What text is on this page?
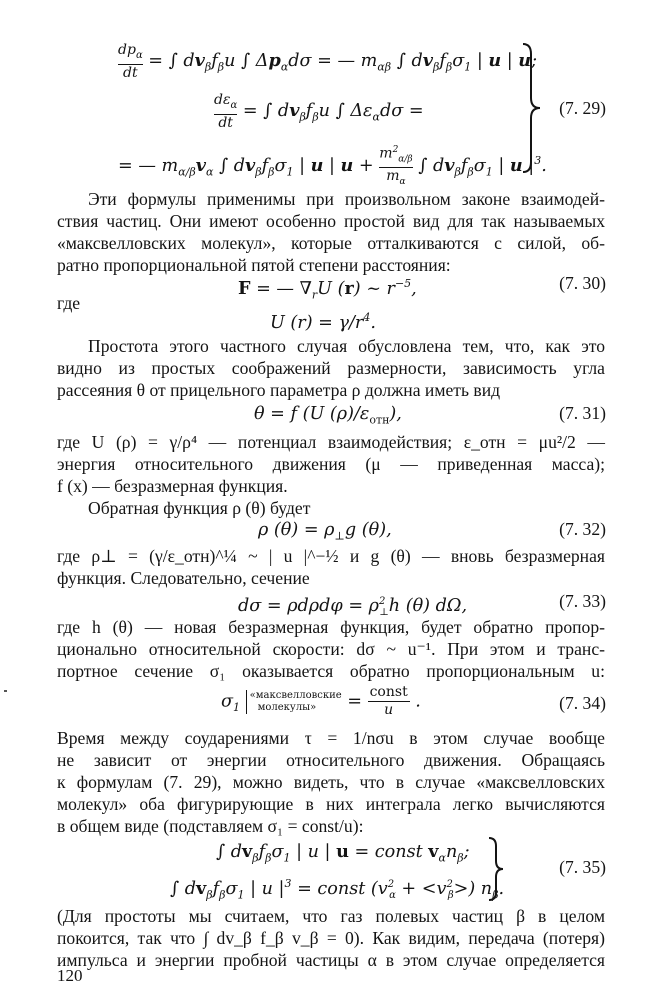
$dp_\alpha$
dt
= ∫ $dv_\beta f_\beta u$ ∫ $\Delta p_\alpha d\sigma$ = — $m_{\alpha\beta}$ ∫ $dv_\beta f_\beta\sigma_1$ | u | u;
$d\varepsilon_\alpha$
dt
= ∫ $dv_\beta f_\beta u$ ∫ $\Delta\varepsilon_\alpha d\sigma$ =
= — $m_{\alpha/\beta}v_\alpha$ ∫ $dv_\beta f_\beta\sigma_1$ | u | $u + \frac{m^2_{\alpha/\beta}}{m_\alpha}$ ∫ $dv_\beta f_\beta\sigma_1$ | u $|^3$.
(7. 29)
Эти формулы применимы при произвольном законе взаимодей-
ствия частиц. Они имеют особенно простой вид для так называемых
«максвелловских молекул», которые отталкиваются с силой, об-
ратно пропорциональной пятой степени расстояния:
F = — $\nabla_rU$ (r) ~ $r^{-5}$,	(7. 30)
где
U $(r) = \gamma/r^4$.
Простота этого частного случая обусловлена тем, что, как это
видно из простых соображений размерности, зависимость угла
рассеяния θ от прицельного параметра ρ должна иметь вид
θ = f (U $(\rho)/\varepsilon_{отн}$),	(7. 31)
где U (ρ) = γ/ρ⁴ — потенциал взаимодействия; ε_отн = μu²/2 —
энергия относительного движения (μ — приведенная масса);
f (x) — безразмерная функция.
Обратная функция ρ (θ) будет
ρ $(\theta) = \rho_\perp g$ (θ),	(7. 32)
где ρ⊥ = (γ/ε_отн)^¼ ~ | u |^−½ и g (θ) — вновь безразмерная
функция. Следовательно, сечение
$d\sigma = \rho d\rho d\varphi = \rho^2_\perp h$ (θ) dΩ,	(7. 33)
где h (θ) — новая безразмерная функция, будет обратно пропор-
ционально относительной скорости: dσ ~ u⁻¹. При этом и транс-
портное сечение σ₁ оказывается обратно пропорциональным u:
$\sigma_1$
«максвелловские
молекулы»	= const
u .	(7. 34)
Время между соударениями τ = 1/nσu в этом случае вообще
не зависит от энергии относительного движения. Обращаясь
к формулам (7. 29), можно видеть, что в случае «максвелловских
молекул» оба фигурирующие в них интеграла легко вычисляются
в общем виде (подставляем σ₁ = const/u):
∫ $dv_\beta f_\beta\sigma_1$ | u | u = const $v_\alpha n_\beta$;
∫ $dv_\beta f_\beta\sigma_1$ | u $|^3$ = const $(v^2_\alpha + <v^2_\beta>)$ $n_\beta$.
(7. 35)
(Для простоты мы считаем, что газ полевых частиц β в целом
покоится, так что ∫ dv_β f_β v_β = 0). Как видим, передача (потеря)
импульса и энергии пробной частицы α в этом случае определяется
120
